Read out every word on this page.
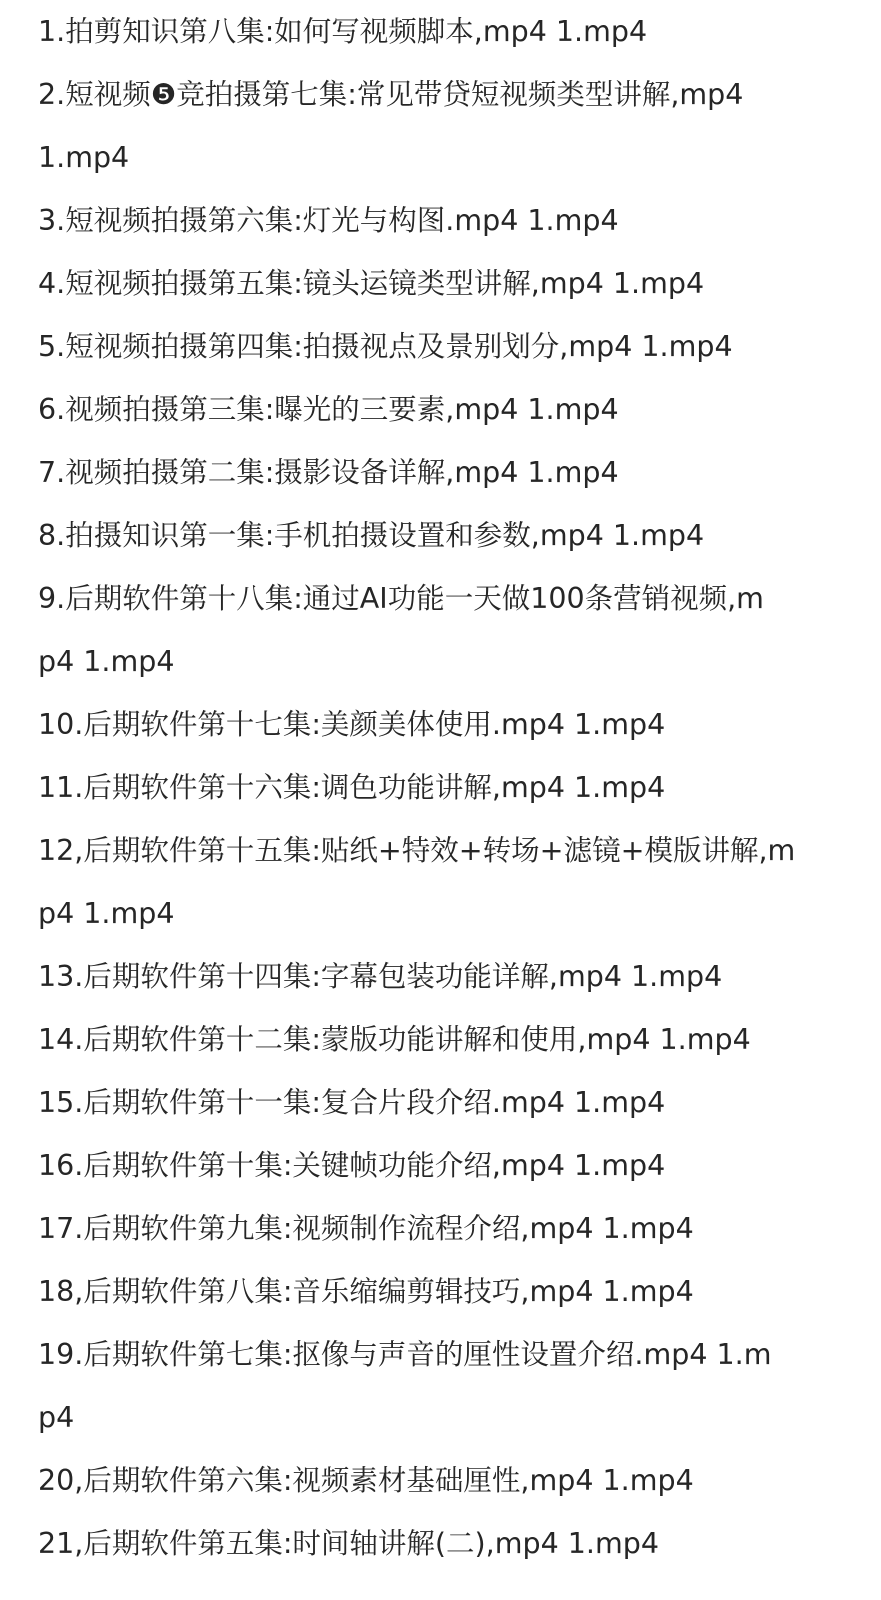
1.拍剪知识第八集:如何写视频脚本,mp4 1.mp4
2.短视频❺竞拍摄第七集:常见带贷短视频类型讲解,mp4
1.mp4
3.短视频拍摄第六集:灯光与构图.mp4 1.mp4
4.短视频拍摄第五集:镜头运镜类型讲解,mp4 1.mp4
5.短视频拍摄第四集:拍摄视点及景别划分,mp4 1.mp4
6.视频拍摄第三集:曝光的三要素,mp4 1.mp4
7.视频拍摄第二集:摄影设备详解,mp4 1.mp4
8.拍摄知识第一集:手机拍摄设置和参数,mp4 1.mp4
9.后期软件第十八集:通过AI功能一天做100条营销视频,m
p4 1.mp4
10.后期软件第十七集:美颜美体使用.mp4 1.mp4
11.后期软件第十六集:调色功能讲解,mp4 1.mp4
12,后期软件第十五集:贴纸+特效+转场+滤镜+模版讲解,m
p4 1.mp4
13.后期软件第十四集:字幕包装功能详解,mp4 1.mp4
14.后期软件第十二集:蒙版功能讲解和使用,mp4 1.mp4
15.后期软件第十一集:复合片段介绍.mp4 1.mp4
16.后期软件第十集:关键帧功能介绍,mp4 1.mp4
17.后期软件第九集:视频制作流程介绍,mp4 1.mp4
18,后期软件第八集:音乐缩编剪辑技巧,mp4 1.mp4
19.后期软件第七集:抠像与声音的厘性设置介绍.mp4 1.m
p4
20,后期软件第六集:视频素材基础厘性,mp4 1.mp4
21,后期软件第五集:时间轴讲解(二),mp4 1.mp4
